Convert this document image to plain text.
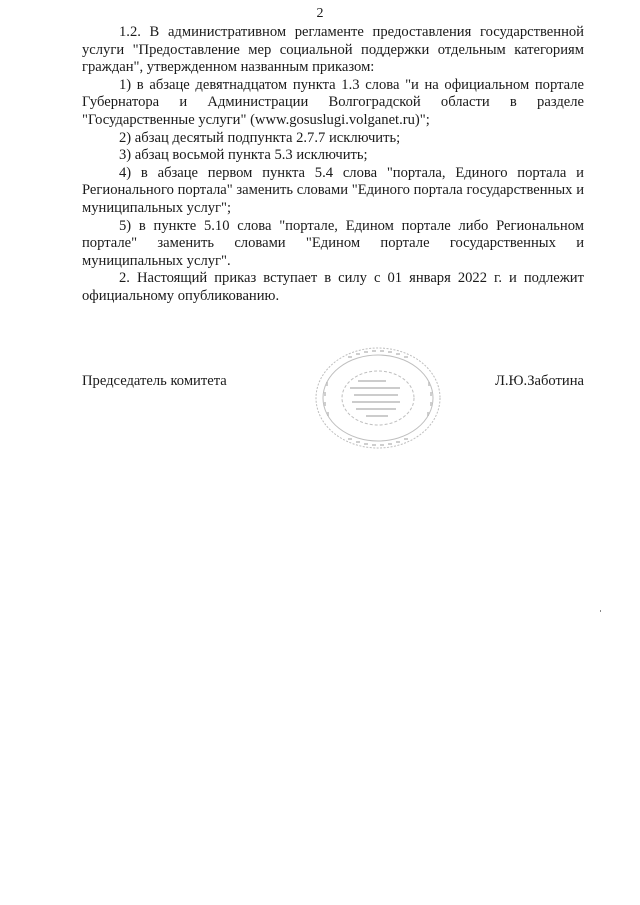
2

1.2. В административном регламенте предоставления государственной услуги "Предоставление мер социальной поддержки отдельным категориям граждан", утвержденном названным приказом:

1) в абзаце девятнадцатом пункта 1.3 слова "и на официальном портале Губернатора и Администрации Волгоградской области в разделе "Государственные услуги" (www.gosuslugi.volganet.ru)";

2) абзац десятый подпункта 2.7.7 исключить;

3) абзац восьмой пункта 5.3 исключить;

4) в абзаце первом пункта 5.4 слова "портала, Единого портала и Регионального портала" заменить словами "Единого портала государственных и муниципальных услуг";

5) в пункте 5.10 слова "портале, Едином портале либо Региональном портале" заменить словами "Едином портале государственных и муниципальных услуг".

2. Настоящий приказ вступает в силу с 01 января 2022 г. и подлежит официальному опубликованию.

Председатель комитета	Л.Ю.Заботина
